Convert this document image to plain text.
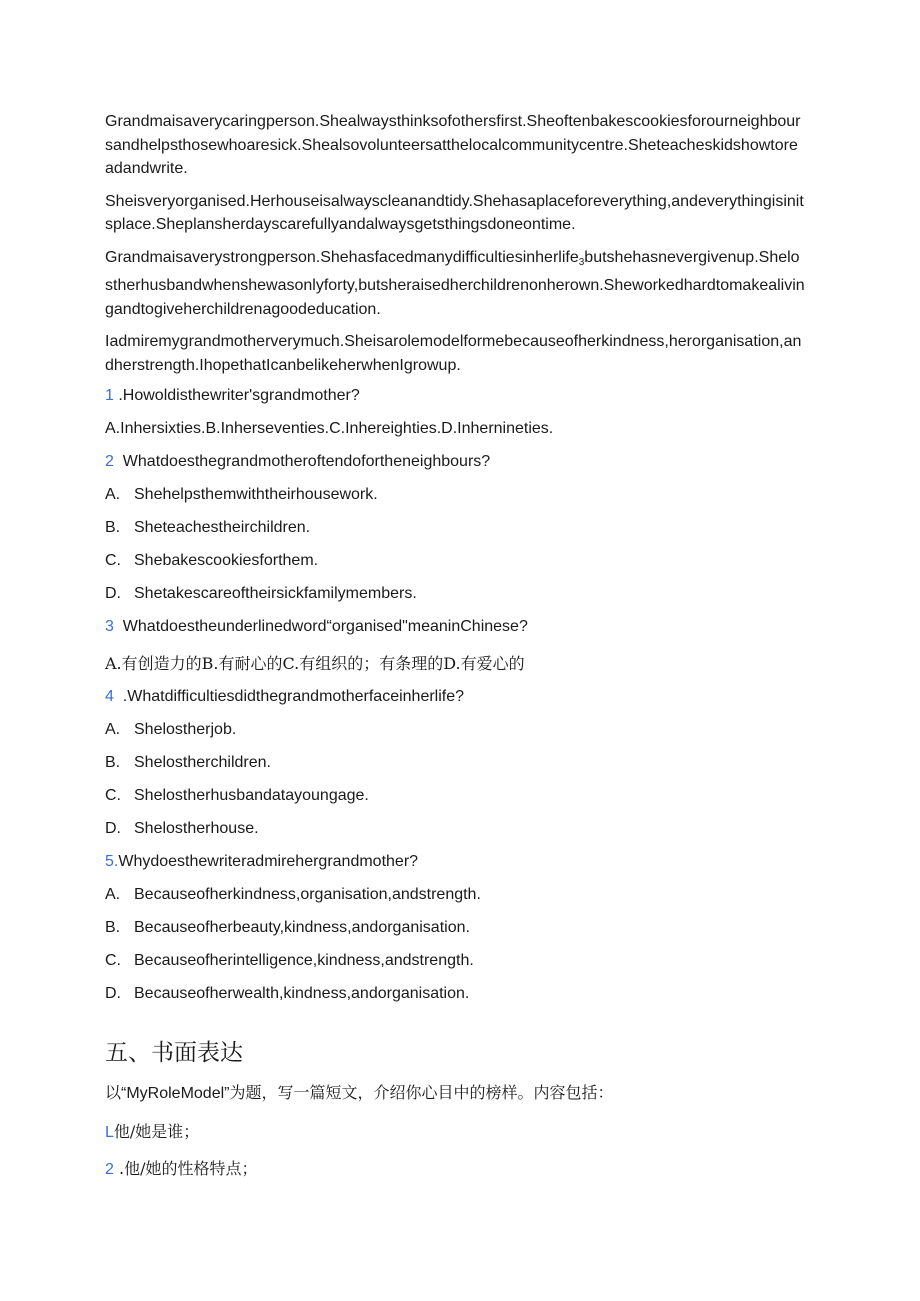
Grandmaisaverycaringperson.Shealwaysthinksofothersfirst.Sheoftenbakescookiesforourneighboursandhelpsthosewhoaresick.Shealsovolunteersatthelocalcommunitycentre.Sheteacheskidshowtoreadandwrite.

Sheisveryorganised.Herhouseisalwayscleanandtidy.Shehasaplaceforeverything,andeverythingisinitsplace.Sheplansherdayscarefullyandalwaysgetsthingsdoneontime.

Grandmaisaverystrongperson.Shehasfacedmanydifficultiesinherlife$_3$butshehasnevergivenup.Shelostherhusbandwhenshewasonlyforty,butsheraisedherchildrenonherown.Sheworkedhardtomakealivingandtogiveherchildrenagoodeducation.

Iadmiremygrandmotherverymuch.Sheisarolemodelformebecauseofherkindness,herorganisation,andherstrength.IhopethatIcanbelikeherwhenIgrowup.

1 .Howoldisthewriter'sgrandmother?
A.Inhersixties.B.Inherseventies.C.Inhereighties.D.Inhernineties.
2  Whatdoesthegrandmotheroftendofortheneighbours?
A. Shehelpsthemwiththeirhousework.
B. Sheteachestheirchildren.
C. Shebakescookiesforthem.
D. Shetakescareoftheirsickfamilymembers.
3  Whatdoestheunderlinedword“organised"meaninChinese?
A.有创造力的B.有耐心的C.有组织的；有条理的D.有爱心的
4  .Whatdifficultiesdidthegrandmotherfaceinherlife?
A. Shelostherjob.
B. Shelostherchildren.
C. Shelostherhusbandatayoungage.
D. Shelostherhouse.
5.Whydoesthewriteradmirehergrandmother?
A. Becauseofherkindness,organisation,andstrength.
B. Becauseofherbeauty,kindness,andorganisation.
C. Becauseofherintelligence,kindness,andstrength.
D. Becauseofherwealth,kindness,andorganisation.
五、书面表达
以“MyRoleModel”为题，写一篇短文，介绍你心目中的榜样。内容包括：
L他/她是谁；
2 .他/她的性格特点；
